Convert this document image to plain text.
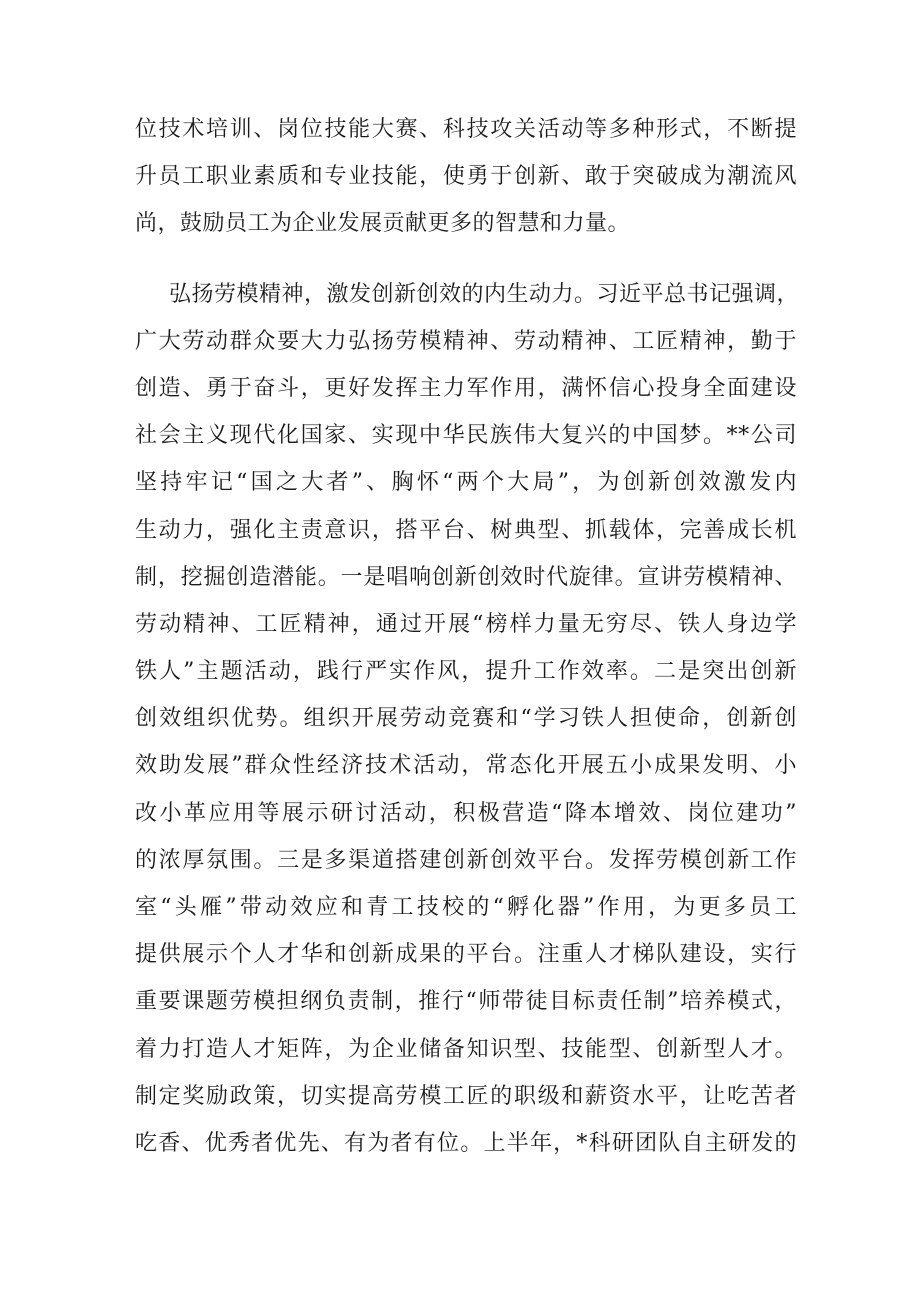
位技术培训、岗位技能大赛、科技攻关活动等多种形式，不断提
升员工职业素质和专业技能，使勇于创新、敢于突破成为潮流风
尚，鼓励员工为企业发展贡献更多的智慧和力量。
弘扬劳模精神，激发创新创效的内生动力。习近平总书记强调，
广大劳动群众要大力弘扬劳模精神、劳动精神、工匠精神，勤于
创造、勇于奋斗，更好发挥主力军作用，满怀信心投身全面建设
社会主义现代化国家、实现中华民族伟大复兴的中国梦。**公司
坚持牢记“国之大者”、胸怀“两个大局”，为创新创效激发内
生动力，强化主责意识，搭平台、树典型、抓载体，完善成长机
制，挖掘创造潜能。一是唱响创新创效时代旋律。宣讲劳模精神、
劳动精神、工匠精神，通过开展“榜样力量无穷尽、铁人身边学
铁人”主题活动，践行严实作风，提升工作效率。二是突出创新
创效组织优势。组织开展劳动竞赛和“学习铁人担使命，创新创
效助发展”群众性经济技术活动，常态化开展五小成果发明、小
改小革应用等展示研讨活动，积极营造“降本增效、岗位建功”
的浓厚氛围。三是多渠道搭建创新创效平台。发挥劳模创新工作
室“头雁”带动效应和青工技校的“孵化器”作用，为更多员工
提供展示个人才华和创新成果的平台。注重人才梯队建设，实行
重要课题劳模担纲负责制，推行“师带徒目标责任制”培养模式，
着力打造人才矩阵，为企业储备知识型、技能型、创新型人才。
制定奖励政策，切实提高劳模工匠的职级和薪资水平，让吃苦者
吃香、优秀者优先、有为者有位。上半年，*科研团队自主研发的
